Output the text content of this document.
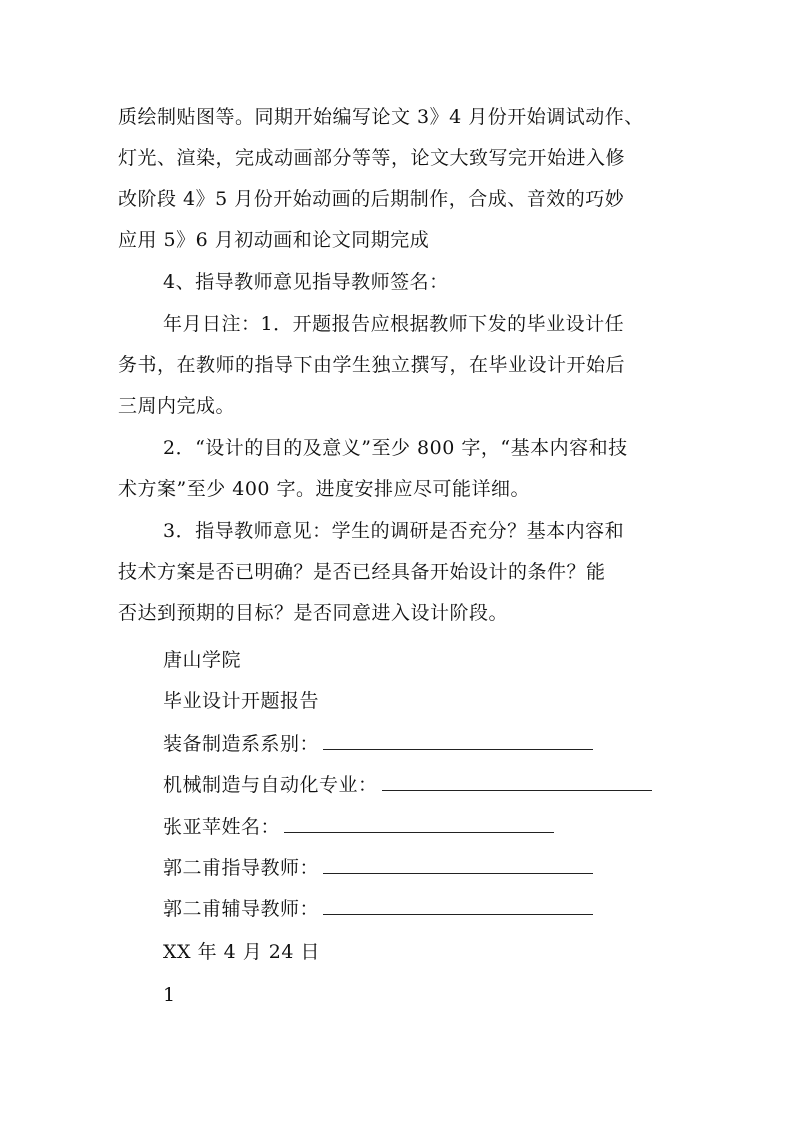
质绘制贴图等。同期开始编写论文 3》4 月份开始调试动作、
灯光、渲染，完成动画部分等等，论文大致写完开始进入修
改阶段 4》5 月份开始动画的后期制作，合成、音效的巧妙
应用 5》6 月初动画和论文同期完成
4、指导教师意见指导教师签名：
年月日注：1．开题报告应根据教师下发的毕业设计任
务书，在教师的指导下由学生独立撰写，在毕业设计开始后
三周内完成。
2．“设计的目的及意义”至少 800 字，“基本内容和技
术方案”至少 400 字。进度安排应尽可能详细。
3．指导教师意见：学生的调研是否充分？基本内容和
技术方案是否已明确？是否已经具备开始设计的条件？能
否达到预期的目标？是否同意进入设计阶段。
唐山学院
毕业设计开题报告
装备制造系系别：
机械制造与自动化专业：
张亚苹姓名：
郭二甫指导教师：
郭二甫辅导教师：
XX 年 4 月 24 日
1
